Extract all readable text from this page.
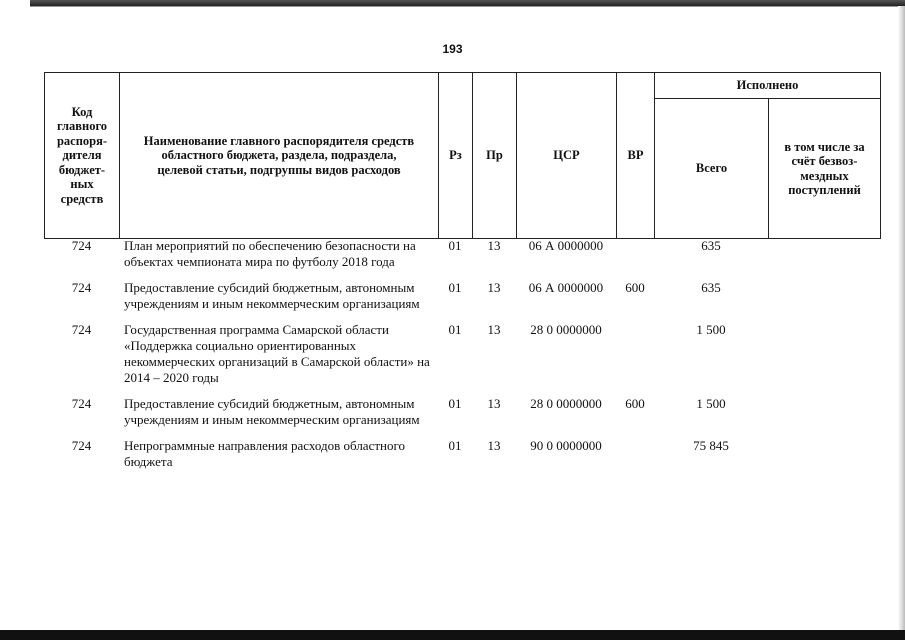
193
Код главного распоря-дителя бюджет-ных средств	Наименование главного распорядителя средств областного бюджета, раздела, подраздела, целевой статьи, подгруппы видов расходов	Рз	Пр	ЦСР	ВР	Исполнено	
						Всего	в том числе за счёт безвоз-мездных поступлений
724	План мероприятий по обеспечению безопасности на объектах чемпионата мира по футболу 2018 года	01	13	06 А 0000000		635	
724	Предоставление субсидий бюджетным, автономным учреждениям и иным некоммерческим организациям	01	13	06 А 0000000	600	635	
724	Государственная программа Самарской области «Поддержка социально ориентированных некоммерческих организаций в Самарской области» на 2014 – 2020 годы	01	13	28 0 0000000		1 500	
724	Предоставление субсидий бюджетным, автономным учреждениям и иным некоммерческим организациям	01	13	28 0 0000000	600	1 500	
724	Непрограммные направления расходов областного бюджета	01	13	90 0 0000000		75 845	
